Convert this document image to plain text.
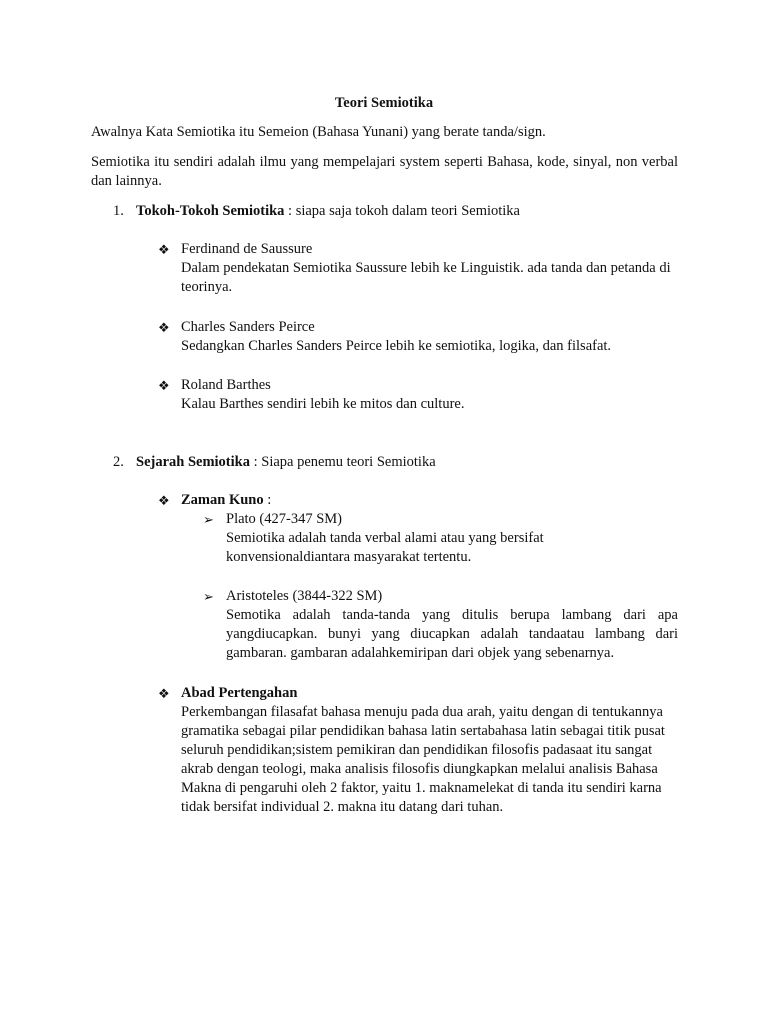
Teori Semiotika
Awalnya Kata Semiotika itu Semeion (Bahasa Yunani) yang berate tanda/sign.
Semiotika itu sendiri adalah ilmu yang mempelajari system seperti Bahasa, kode, sinyal, non verbal dan lainnya.
1. Tokoh-Tokoh Semiotika : siapa saja tokoh dalam teori Semiotika
❖ Ferdinand de Saussure
Dalam pendekatan Semiotika Saussure lebih ke Linguistik. ada tanda dan petanda di teorinya.
❖ Charles Sanders Peirce
Sedangkan Charles Sanders Peirce lebih ke semiotika, logika, dan filsafat.
❖ Roland Barthes
Kalau Barthes sendiri lebih ke mitos dan culture.
2. Sejarah Semiotika : Siapa penemu teori Semiotika
❖ Zaman Kuno :
➢ Plato (427-347 SM)
Semiotika adalah tanda verbal alami atau yang bersifat konvensionaldiantara masyarakat tertentu.
➢ Aristoteles (3844-322 SM)
Semotika adalah tanda-tanda yang ditulis berupa lambang dari apa yangdiucapkan. bunyi yang diucapkan adalah tandaatau lambang dari gambaran. gambaran adalahkemiripan dari objek yang sebenarnya.
❖ Abad Pertengahan
Perkembangan filasafat bahasa menuju pada dua arah, yaitu dengan di tentukannya gramatika sebagai pilar pendidikan bahasa latin sertabahasa latin sebagai titik pusat seluruh pendidikan;sistem pemikiran dan pendidikan filosofis padasaat itu sangat akrab dengan teologi, maka analisis filosofis diungkapkan melalui analisis Bahasa Makna di pengaruhi oleh 2 faktor, yaitu 1. maknamelekat di tanda itu sendiri karna tidak bersifat individual 2. makna itu datang dari tuhan.
